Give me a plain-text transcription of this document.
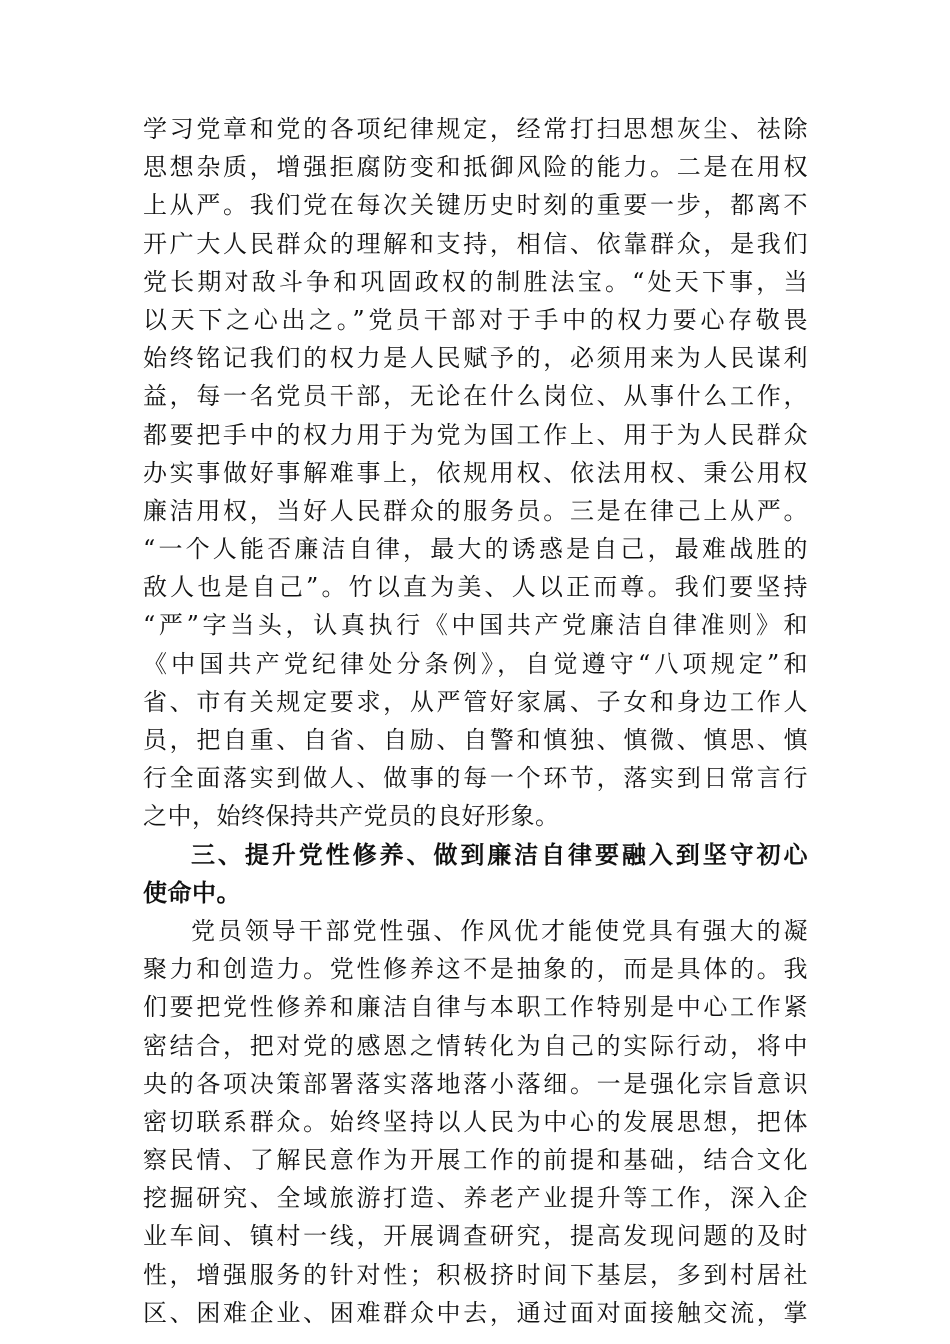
学习党章和党的各项纪律规定，经常打扫思想灰尘、祛除
思想杂质，增强拒腐防变和抵御风险的能力。二是在用权
上从严。我们党在每次关键历史时刻的重要一步，都离不
开广大人民群众的理解和支持，相信、依靠群众，是我们
党长期对敌斗争和巩固政权的制胜法宝。“处天下事，当
以天下之心出之。”党员干部对于手中的权力要心存敬畏
始终铭记我们的权力是人民赋予的，必须用来为人民谋利
益，每一名党员干部，无论在什么岗位、从事什么工作，
都要把手中的权力用于为党为国工作上、用于为人民群众
办实事做好事解难事上，依规用权、依法用权、秉公用权
廉洁用权，当好人民群众的服务员。三是在律己上从严。
“一个人能否廉洁自律，最大的诱惑是自己，最难战胜的
敌人也是自己”。竹以直为美、人以正而尊。我们要坚持
“严”字当头，认真执行《中国共产党廉洁自律准则》和
《中国共产党纪律处分条例》，自觉遵守“八项规定”和
省、市有关规定要求，从严管好家属、子女和身边工作人
员，把自重、自省、自励、自警和慎独、慎微、慎思、慎
行全面落实到做人、做事的每一个环节，落实到日常言行
之中，始终保持共产党员的良好形象。
三、提升党性修养、做到廉洁自律要融入到坚守初心
使命中。
党员领导干部党性强、作风优才能使党具有强大的凝
聚力和创造力。党性修养这不是抽象的，而是具体的。我
们要把党性修养和廉洁自律与本职工作特别是中心工作紧
密结合，把对党的感恩之情转化为自己的实际行动，将中
央的各项决策部署落实落地落小落细。一是强化宗旨意识
密切联系群众。始终坚持以人民为中心的发展思想，把体
察民情、了解民意作为开展工作的前提和基础，结合文化
挖掘研究、全域旅游打造、养老产业提升等工作，深入企
业车间、镇村一线，开展调查研究，提高发现问题的及时
性，增强服务的针对性；积极挤时间下基层，多到村居社
区、困难企业、困难群众中去，通过面对面接触交流，掌
